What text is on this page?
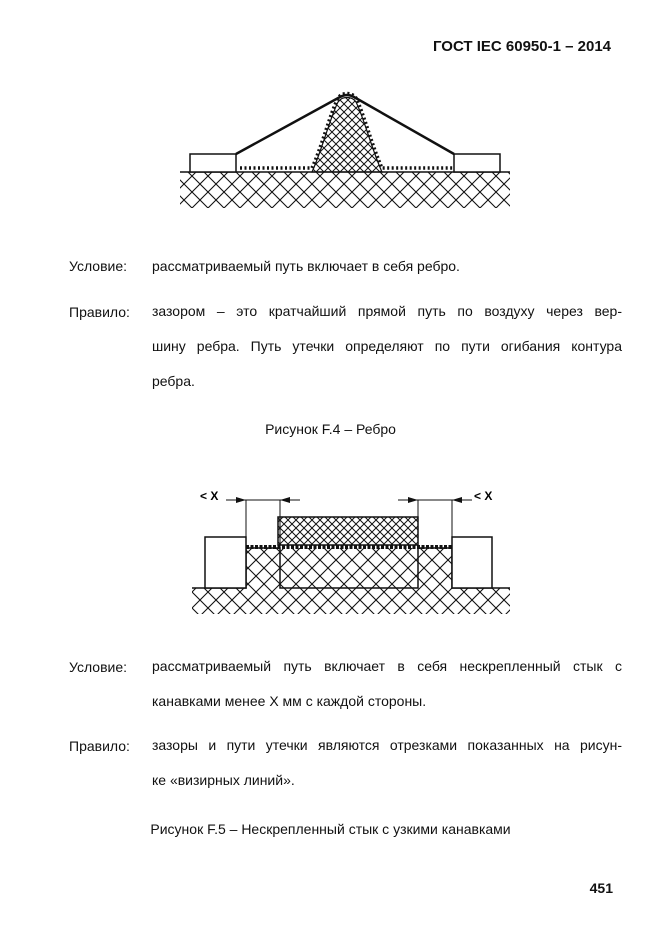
ГОСТ IEC 60950-1 – 2014
Условие: рассматриваемый путь включает в себя ребро.
Правило: зазором – это кратчайший прямой путь по воздуху через вер-
шину ребра. Путь утечки определяют по пути огибания контура
ребра.
Рисунок F.4 – Ребро
< X	< X
Условие: рассматриваемый путь включает в себя нескрепленный стык с
канавками менее X мм с каждой стороны.
Правило: зазоры и пути утечки являются отрезками показанных на рисун-
ке «визирных линий».
Рисунок F.5 – Нескрепленный стык с узкими канавками
451
